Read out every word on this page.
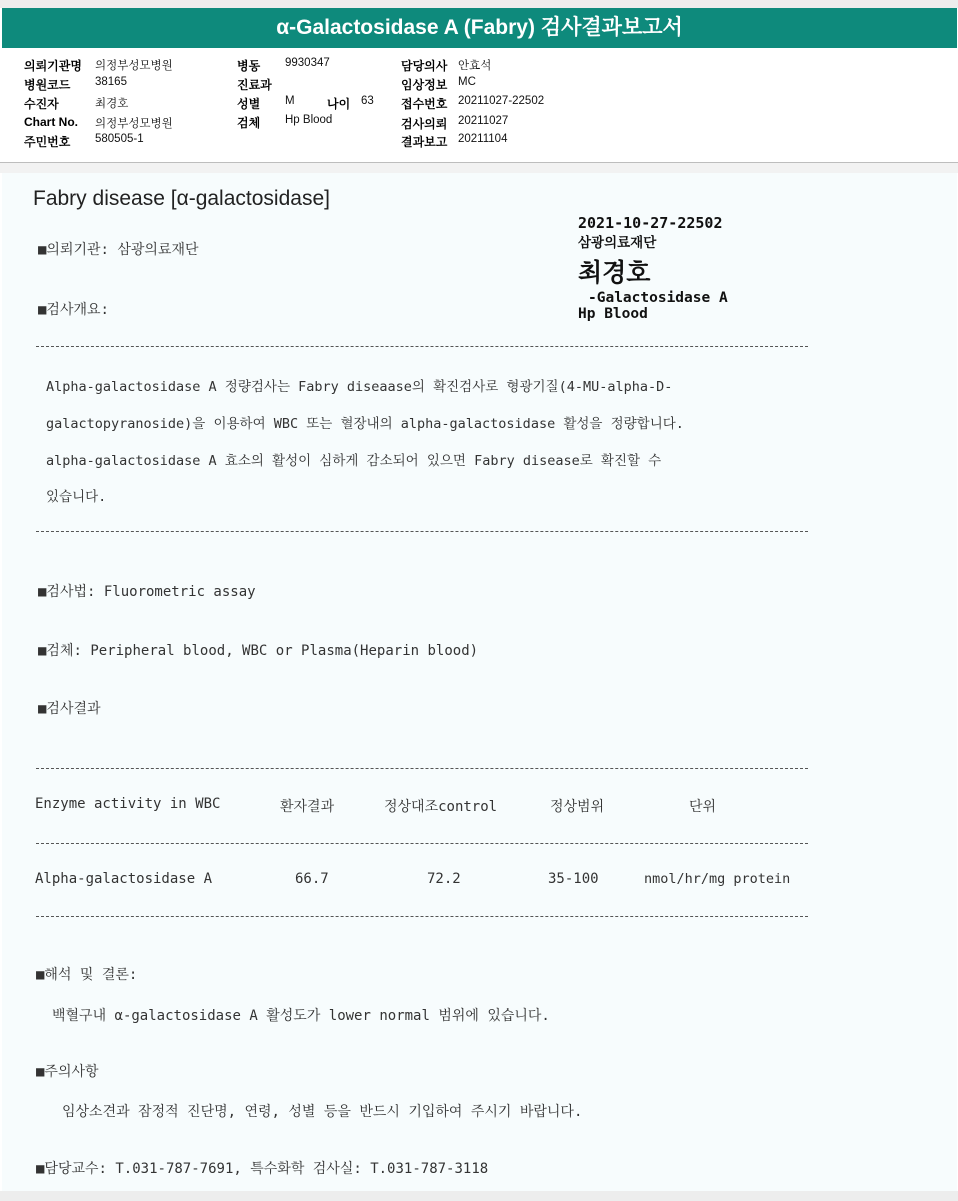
α-Galactosidase A (Fabry) 검사결과보고서
의뢰기관명 의정부성모병원
병원코드 38165
수진자	최경호
Chart No. 의정부성모병원
주민번호 580505-1
병동 9930347
진료과
성별 M	나이 63
검체 Hp Blood
담당의사 안효석
임상정보 MC
접수번호 20211027-22502
검사의뢰 20211027
결과보고 20211104
Fabry disease [α-galactosidase]
2021-10-27-22502
삼광의료재단
최경호
-Galactosidase A
Hp Blood
■의뢰기관: 삼광의료재단
■검사개요:
Alpha-galactosidase A 정량검사는 Fabry diseaase의 확진검사로 형광기질(4-MU-alpha-D-
galactopyranoside)을 이용하여 WBC 또는 혈장내의 alpha-galactosidase 활성을 정량합니다.
alpha-galactosidase A 효소의 활성이 심하게 감소되어 있으면 Fabry disease로 확진할 수
있습니다.
■검사법: Fluorometric assay
■검체: Peripheral blood, WBC or Plasma(Heparin blood)
■검사결과
Enzyme activity in WBC	환자결과	정상대조control	정상범위	단위
Alpha-galactosidase A	66.7	72.2	35-100	nmol/hr/mg protein
■해석 및 결론:
백혈구내 α-galactosidase A 활성도가 lower normal 범위에 있습니다.
■주의사항
임상소견과 잠정적 진단명, 연령, 성별 등을 반드시 기입하여 주시기 바랍니다.
■담당교수: T.031-787-7691, 특수화학 검사실: T.031-787-3118
